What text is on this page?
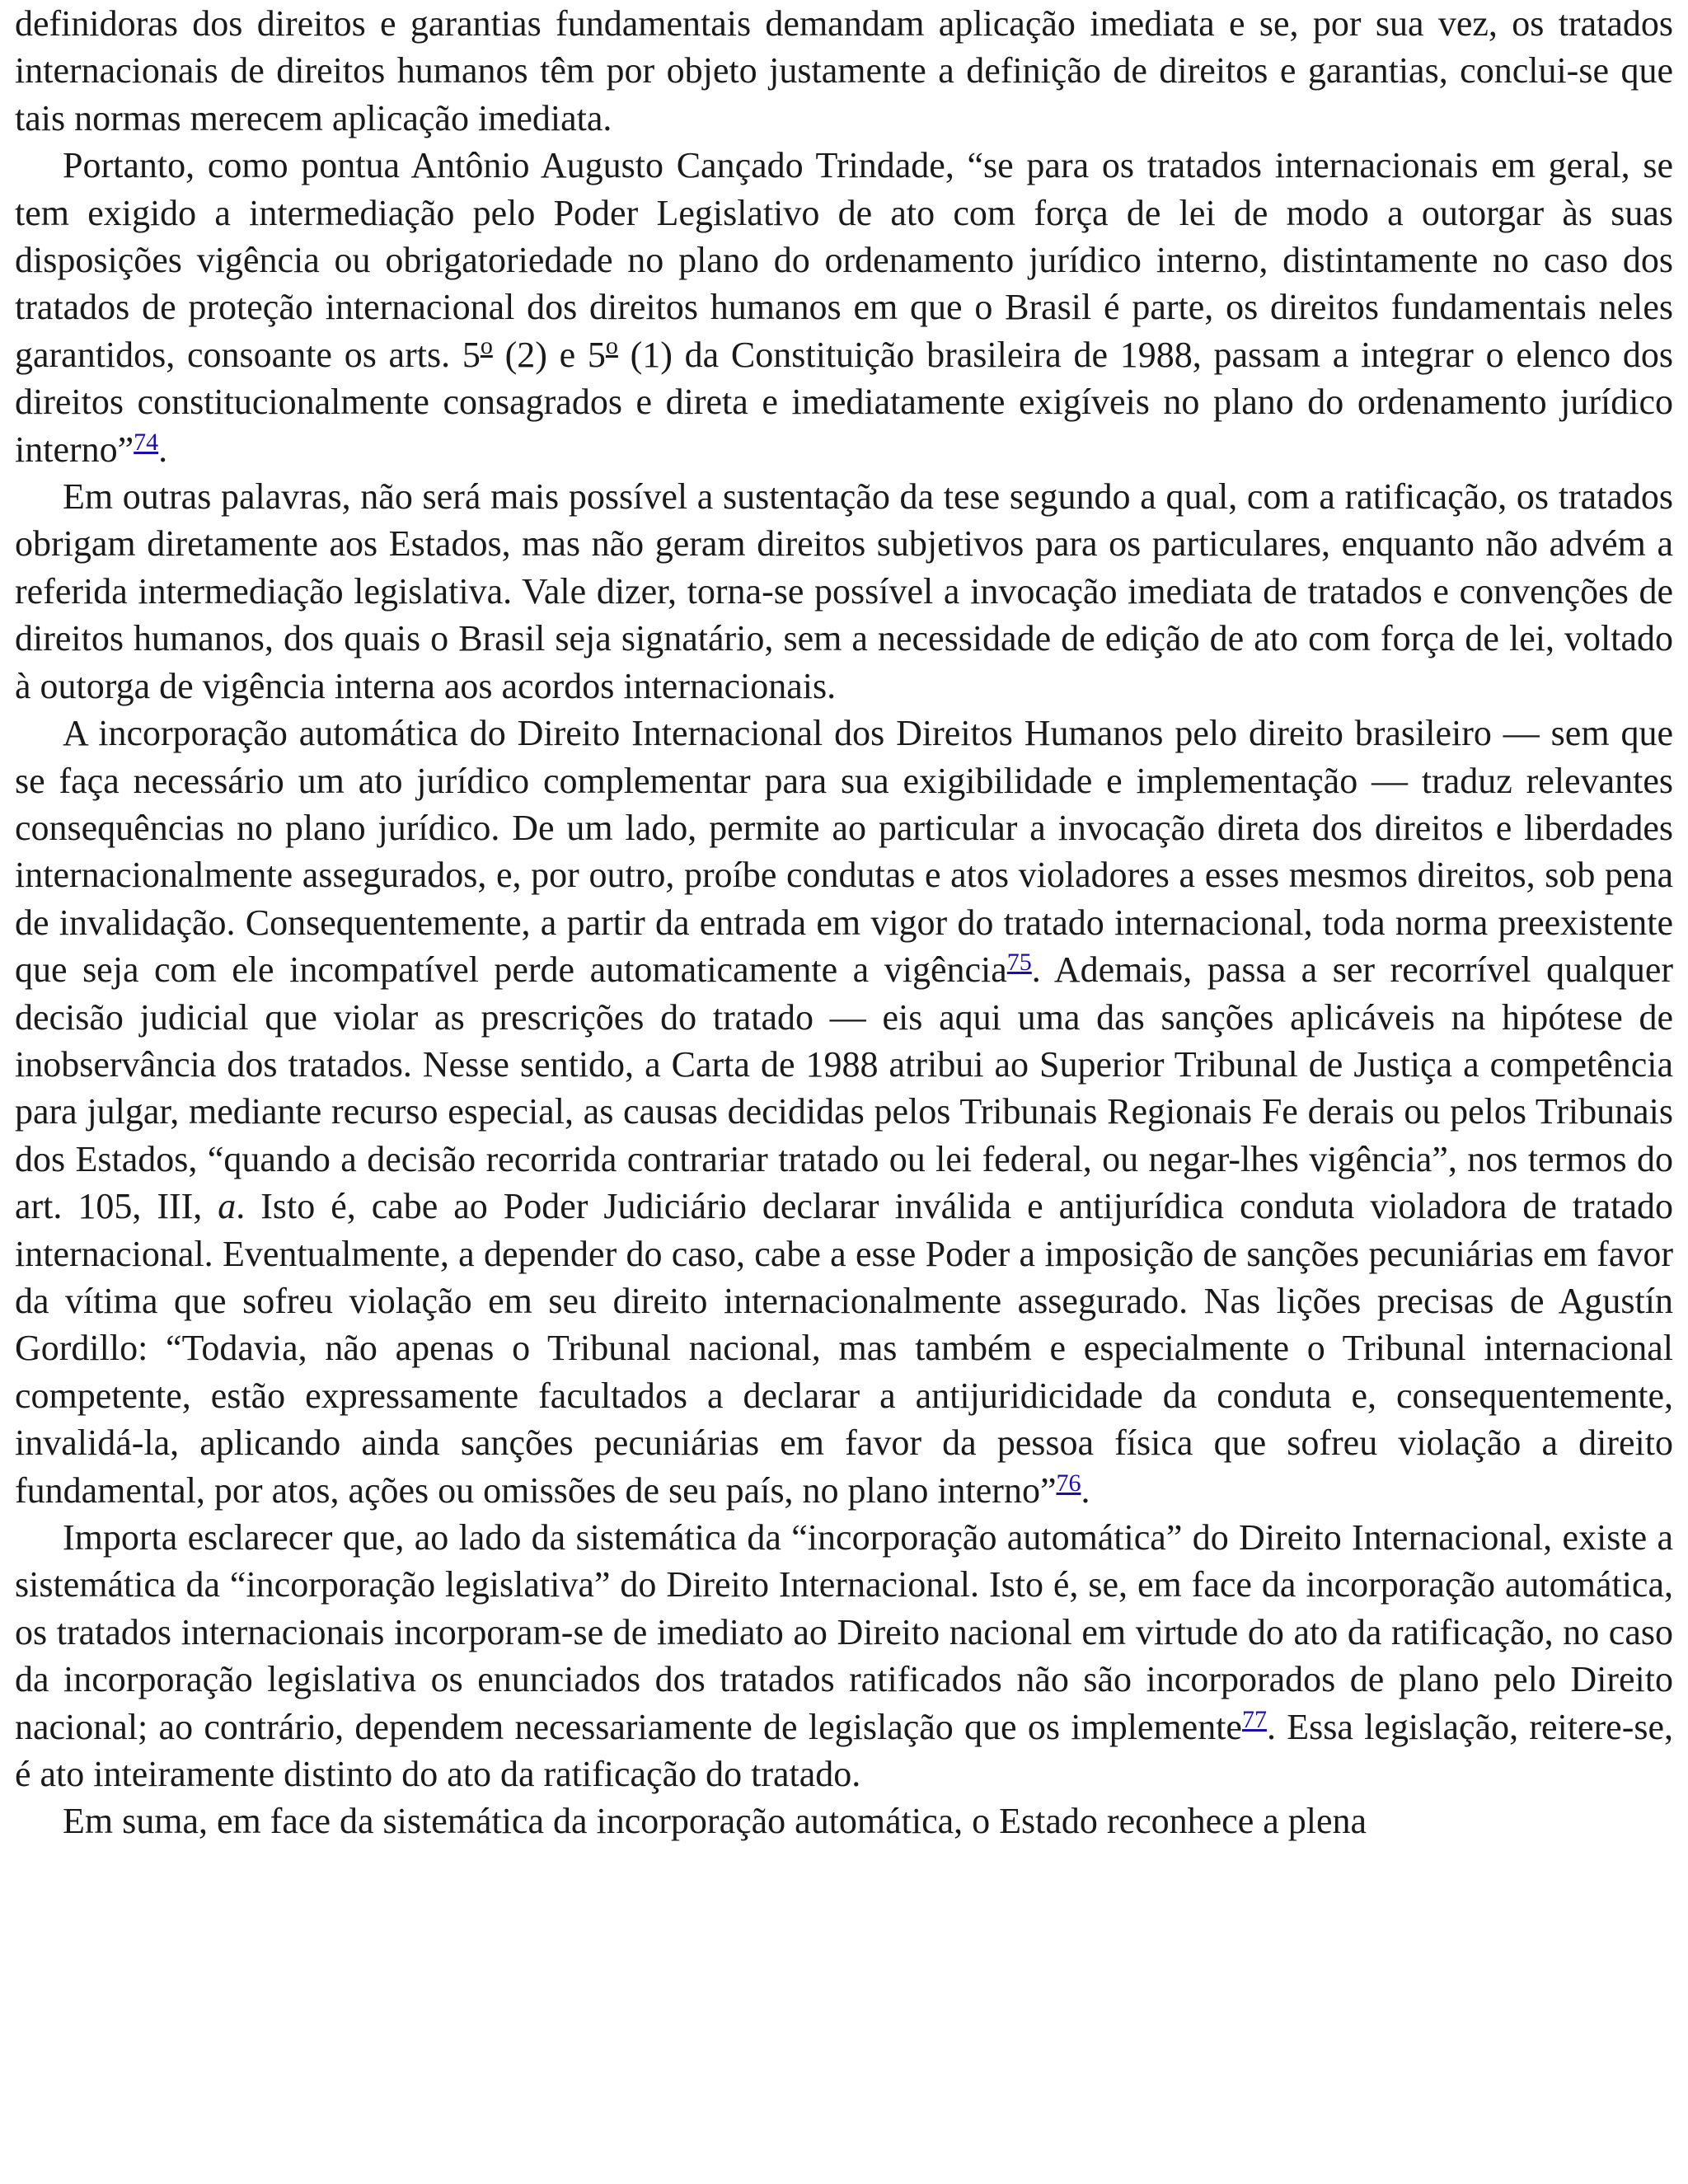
definidoras dos direitos e garantias fundamentais demandam aplicação imediata e se, por sua vez, os tratados internacionais de direitos humanos têm por objeto justamente a definição de direitos e garantias, conclui-se que tais normas merecem aplicação imediata.

Portanto, como pontua Antônio Augusto Cançado Trindade, “se para os tratados internacionais em geral, se tem exigido a intermediação pelo Poder Legislativo de ato com força de lei de modo a outorgar às suas disposições vigência ou obrigatoriedade no plano do ordenamento jurídico interno, distintamente no caso dos tratados de proteção internacional dos direitos humanos em que o Brasil é parte, os direitos fundamentais neles garantidos, consoante os arts. 5$^o$ (2) e 5$^o$ (1) da Constituição brasileira de 1988, passam a integrar o elenco dos direitos constitucionalmente consagrados e direta e imediatamente exigíveis no plano do ordenamento jurídico interno”$^{74}$.

Em outras palavras, não será mais possível a sustentação da tese segundo a qual, com a ratificação, os tratados obrigam diretamente aos Estados, mas não geram direitos subjetivos para os particulares, enquanto não advém a referida intermediação legislativa. Vale dizer, torna-se possível a invocação imediata de tratados e convenções de direitos humanos, dos quais o Brasil seja signatário, sem a necessidade de edição de ato com força de lei, voltado à outorga de vigência interna aos acordos internacionais.

A incorporação automática do Direito Internacional dos Direitos Humanos pelo direito brasileiro — sem que se faça necessário um ato jurídico complementar para sua exigibilidade e implementação — traduz relevantes consequências no plano jurídico. De um lado, permite ao particular a invocação direta dos direitos e liberdades internacionalmente assegurados, e, por outro, proíbe condutas e atos violadores a esses mesmos direitos, sob pena de invalidação. Consequentemente, a partir da entrada em vigor do tratado internacional, toda norma preexistente que seja com ele incompatível perde automaticamente a vigência$^{75}$. Ademais, passa a ser recorrível qualquer decisão judicial que violar as prescrições do tratado — eis aqui uma das sanções aplicáveis na hipótese de inobservância dos tratados. Nesse sentido, a Carta de 1988 atribui ao Superior Tribunal de Justiça a competência para julgar, mediante recurso especial, as causas decididas pelos Tribunais Regionais Fe derais ou pelos Tribunais dos Estados, “quando a decisão recorrida contrariar tratado ou lei federal, ou negar-lhes vigência”, nos termos do art. 105, III, a. Isto é, cabe ao Poder Judiciário declarar inválida e antijurídica conduta violadora de tratado internacional. Eventualmente, a depender do caso, cabe a esse Poder a imposição de sanções pecuniárias em favor da vítima que sofreu violação em seu direito internacionalmente assegurado. Nas lições precisas de Agustín Gordillo: “Todavia, não apenas o Tribunal nacional, mas também e especialmente o Tribunal internacional competente, estão expressamente facultados a declarar a antijuridicidade da conduta e, consequentemente, invalidá-la, aplicando ainda sanções pecuniárias em favor da pessoa física que sofreu violação a direito fundamental, por atos, ações ou omissões de seu país, no plano interno”$^{76}$.

Importa esclarecer que, ao lado da sistemática da “incorporação automática” do Direito Internacional, existe a sistemática da “incorporação legislativa” do Direito Internacional. Isto é, se, em face da incorporação automática, os tratados internacionais incorporam-se de imediato ao Direito nacional em virtude do ato da ratificação, no caso da incorporação legislativa os enunciados dos tratados ratificados não são incorporados de plano pelo Direito nacional; ao contrário, dependem necessariamente de legislação que os implemente$^{77}$. Essa legislação, reitere-se, é ato inteiramente distinto do ato da ratificação do tratado.

Em suma, em face da sistemática da incorporação automática, o Estado reconhece a plena
